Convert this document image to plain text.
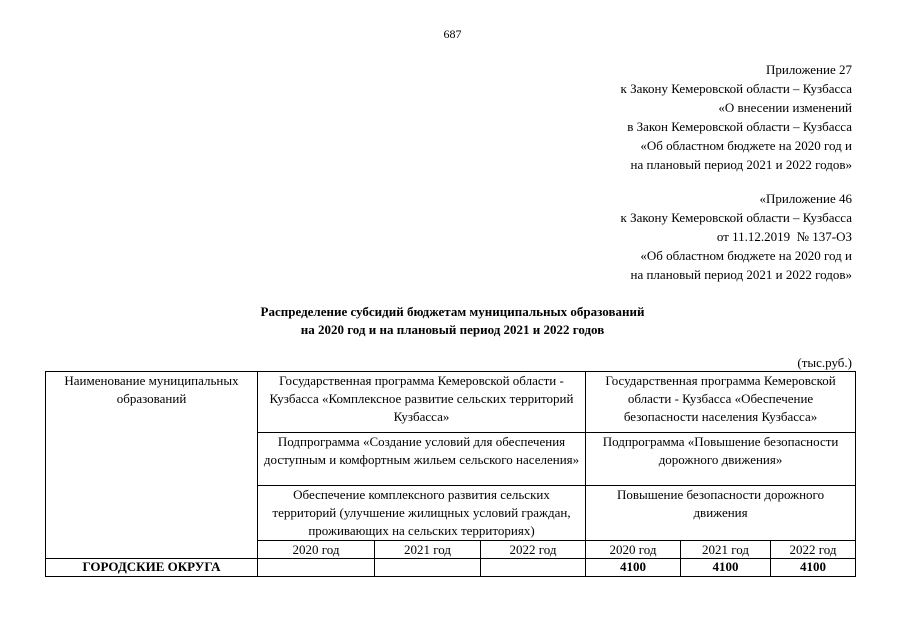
687
Приложение 27
к Закону Кемеровской области – Кузбасса
«О внесении изменений
в Закон Кемеровской области – Кузбасса
«Об областном бюджете на 2020 год и
на плановый период 2021 и 2022 годов»
«Приложение 46
к Закону Кемеровской области – Кузбасса
от 11.12.2019  № 137-ОЗ
«Об областном бюджете на 2020 год и
на плановый период 2021 и 2022 годов»
Распределение субсидий бюджетам муниципальных образований
на 2020 год и на плановый период 2021 и 2022 годов
(тыс.руб.)
Наименование муниципальных образований	Государственная программа Кемеровской области - Кузбасса «Комплексное развитие сельских территорий Кузбасса»			Государственная программа Кемеровской области - Кузбасса «Обеспечение безопасности населения Кузбасса»		
	Подпрограмма «Создание условий для обеспечения доступным и комфортным жильем сельского населения»			Подпрограмма «Повышение безопасности дорожного движения»		
	Обеспечение комплексного развития сельских территорий (улучшение жилищных условий граждан, проживающих на сельских территориях)			Повышение безопасности дорожного движения		
	2020 год	2021 год	2022 год	2020 год	2021 год	2022 год
ГОРОДСКИЕ ОКРУГА				4100	4100	4100
